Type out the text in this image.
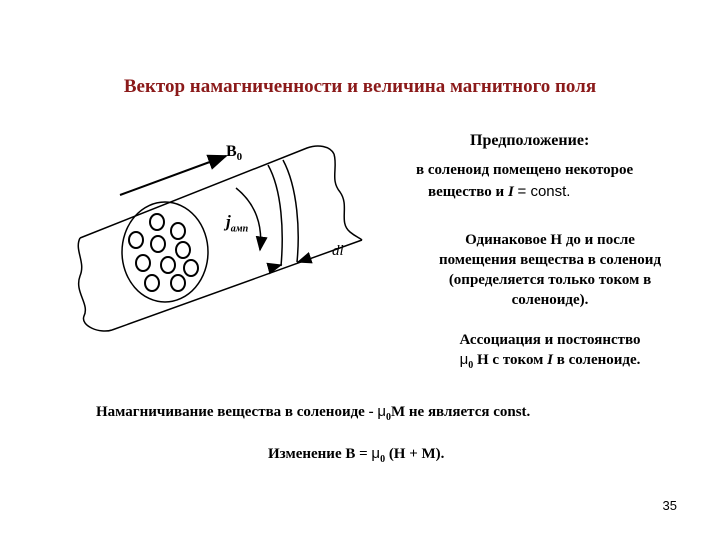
Вектор намагниченности и величина магнитного поля
$B_0$
$j_{амп}$
dl
Предположение:
в соленоид помещено некоторое
вещество и I = const.
Одинаковое H до и после
помещения вещества в соленоид
(определяется только током в
соленоиде).
Ассоциация и постоянство
$\mu_0$ H с током I в соленоиде.
Намагничивание вещества в соленоиде - $\mu_0M$ не является const.
Изменение $B = \mu_0$ (H + M).
35
